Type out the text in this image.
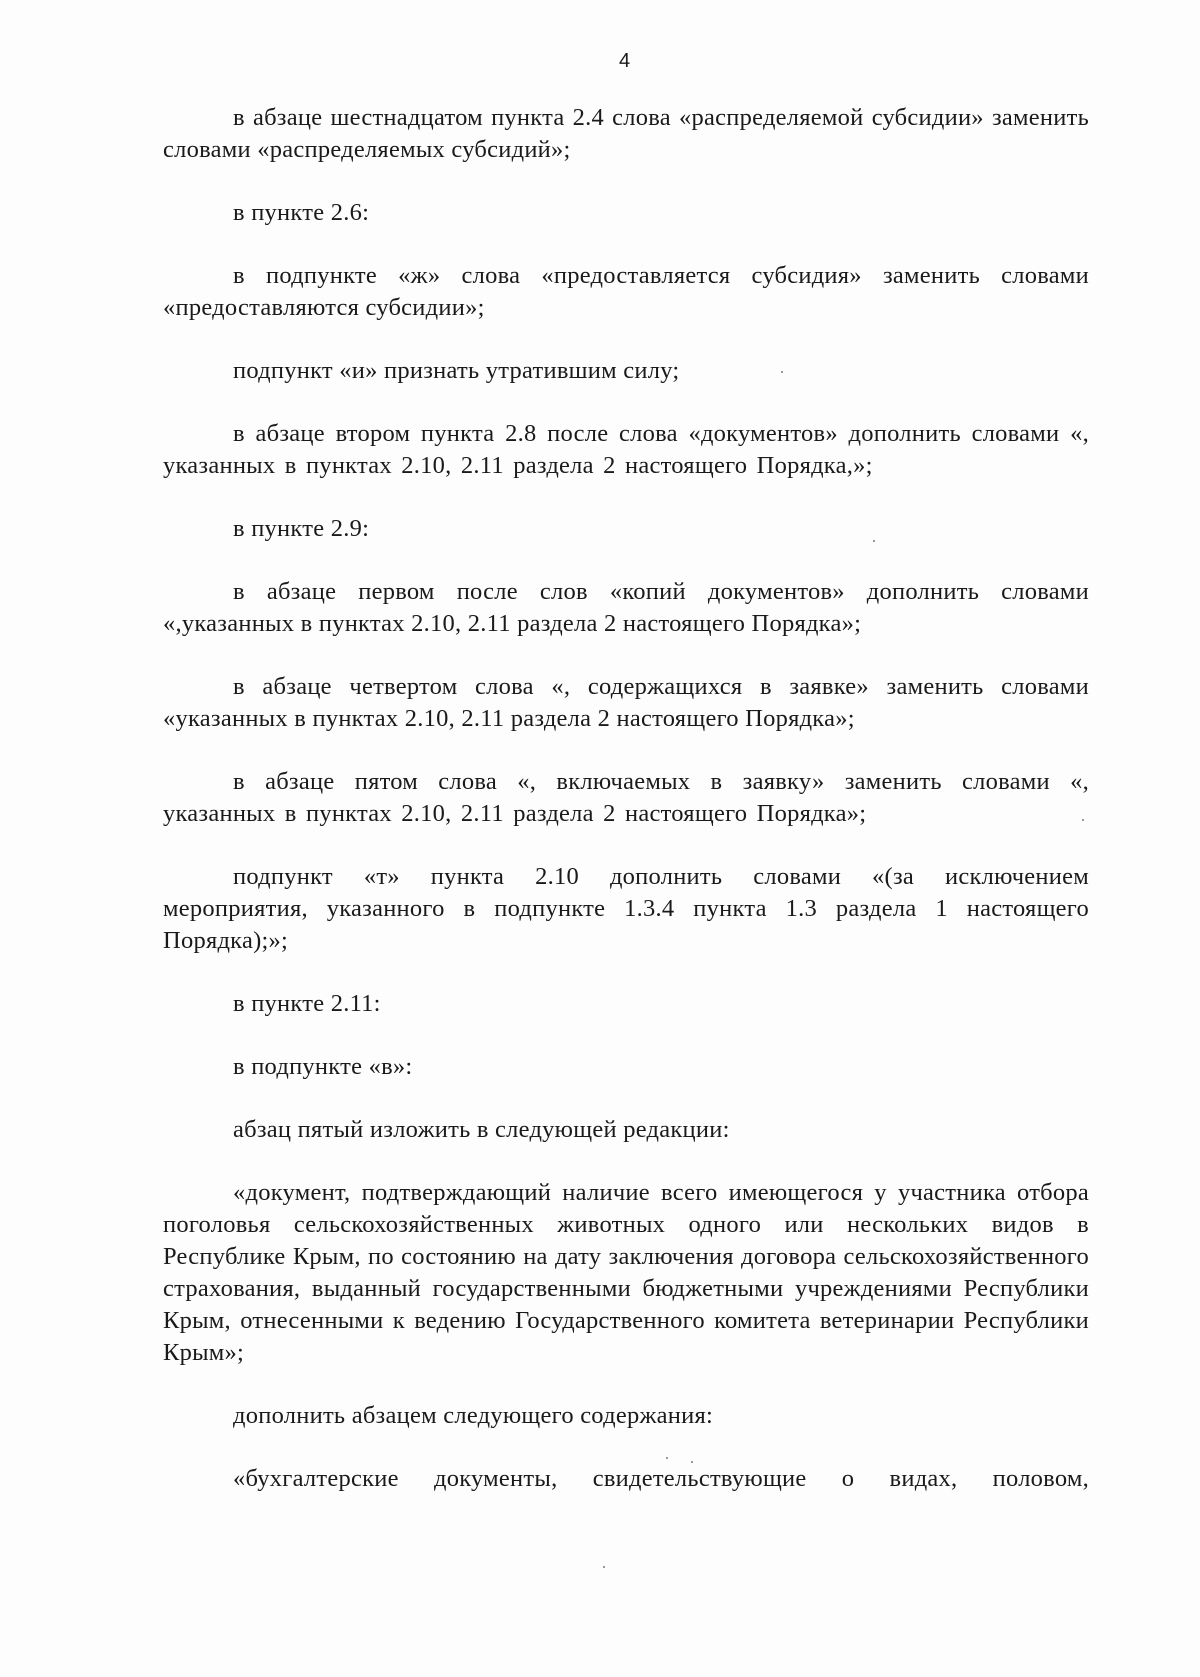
4

в абзаце шестнадцатом пункта 2.4 слова «распределяемой субсидии» заменить словами «распределяемых субсидий»;

в пункте 2.6:

в подпункте «ж» слова «предоставляется субсидия» заменить словами «предоставляются субсидии»;

подпункт «и» признать утратившим силу;

в абзаце втором пункта 2.8 после слова «документов» дополнить словами «, указанных в пунктах 2.10, 2.11 раздела 2 настоящего Порядка,»;

в пункте 2.9:

в абзаце первом после слов «копий документов» дополнить словами «,указанных в пунктах 2.10, 2.11 раздела 2 настоящего Порядка»;

в абзаце четвертом слова «, содержащихся в заявке» заменить словами «указанных в пунктах 2.10, 2.11 раздела 2 настоящего Порядка»;

в абзаце пятом слова «, включаемых в заявку» заменить словами «, указанных в пунктах 2.10, 2.11 раздела 2 настоящего Порядка»;

подпункт «т» пункта 2.10 дополнить словами «(за исключением мероприятия, указанного в подпункте 1.3.4 пункта 1.3 раздела 1 настоящего Порядка);»;

в пункте 2.11:

в подпункте «в»:

абзац пятый изложить в следующей редакции:

«документ, подтверждающий наличие всего имеющегося у участника отбора поголовья сельскохозяйственных животных одного или нескольких видов в Республике Крым, по состоянию на дату заключения договора сельскохозяйственного страхования, выданный государственными бюджетными учреждениями Республики Крым, отнесенными к ведению Государственного комитета ветеринарии Республики Крым»;

дополнить абзацем следующего содержания:

«бухгалтерские документы, свидетельствующие о видах, половом,
